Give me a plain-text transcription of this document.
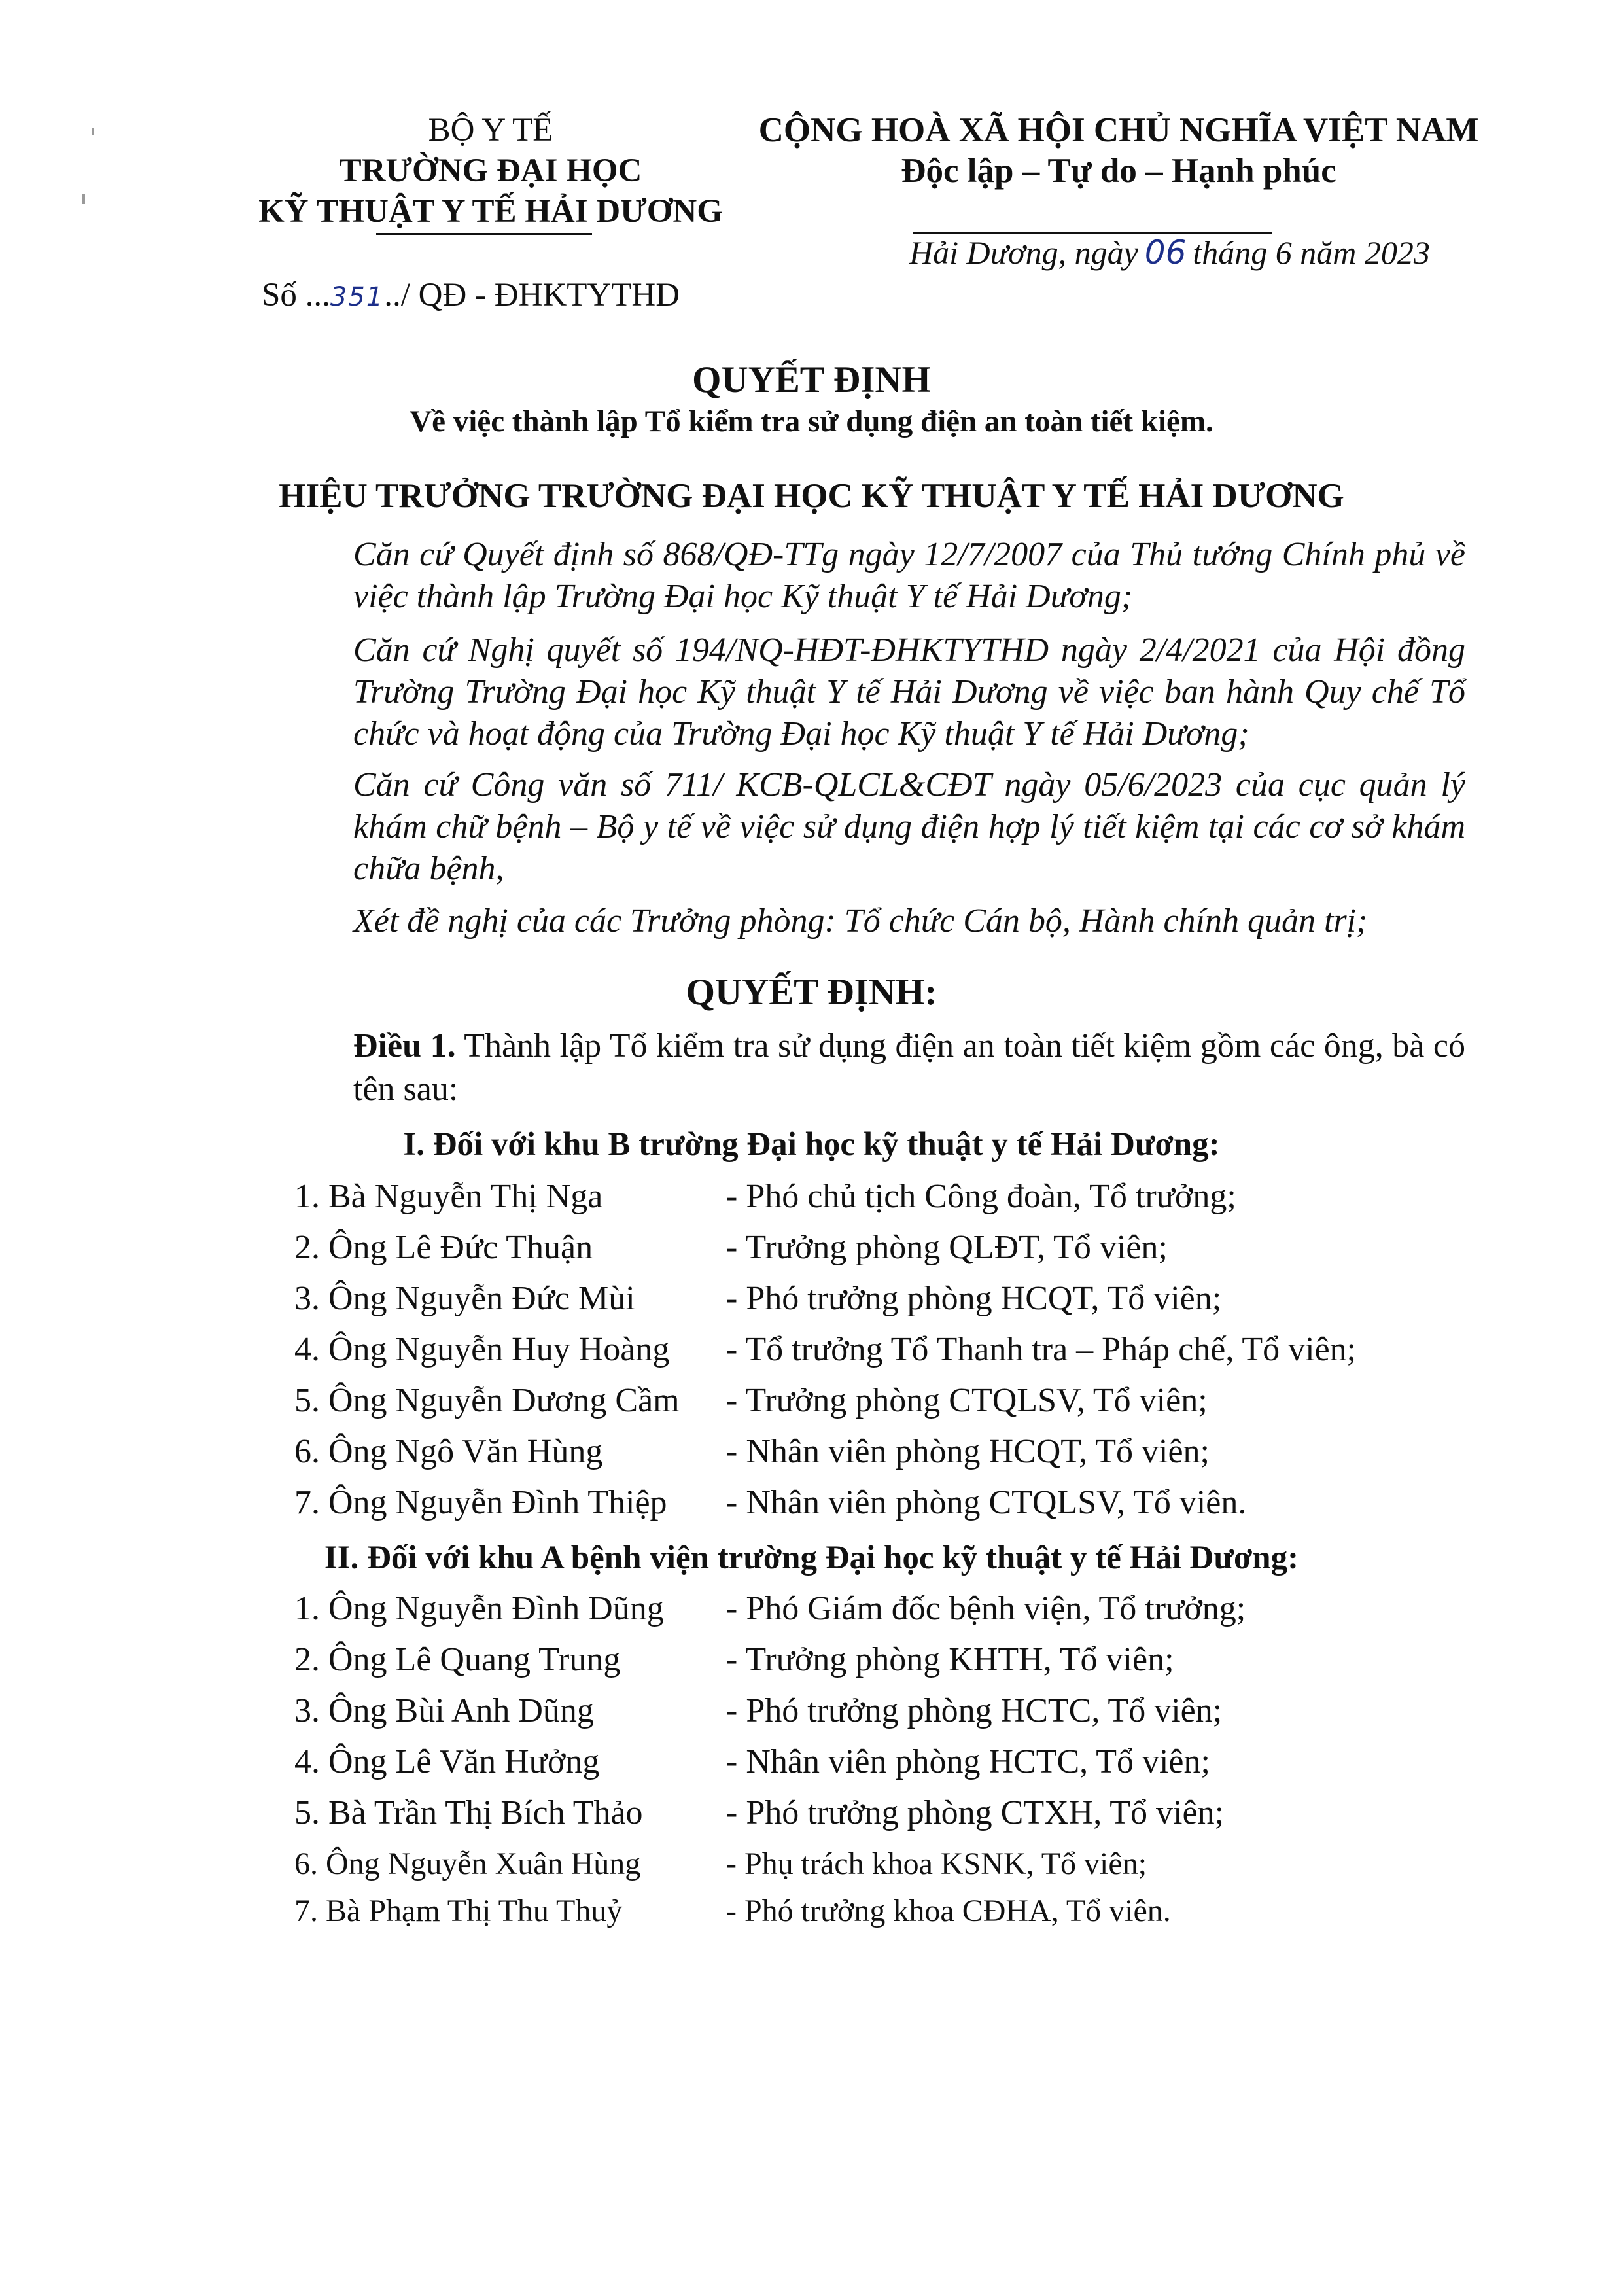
BỘ Y TẾ
TRƯỜNG ĐẠI HỌC
KỸ THUẬT Y TẾ HẢI DƯƠNG
CỘNG HOÀ XÃ HỘI CHỦ NGHĨA VIỆT NAM
Độc lập – Tự do – Hạnh phúc
Hải Dương, ngày 06 tháng 6 năm 2023
Số ...351../ QĐ - ĐHKTYTHD
QUYẾT ĐỊNH
Về việc thành lập Tổ kiểm tra sử dụng điện an toàn tiết kiệm.
HIỆU TRƯỞNG TRƯỜNG ĐẠI HỌC KỸ THUẬT Y TẾ HẢI DƯƠNG
Căn cứ Quyết định số 868/QĐ-TTg ngày 12/7/2007 của Thủ tướng Chính phủ về việc thành lập Trường Đại học Kỹ thuật Y tế Hải Dương;
Căn cứ Nghị quyết số 194/NQ-HĐT-ĐHKTYTHD ngày 2/4/2021 của Hội đồng Trường Trường Đại học Kỹ thuật Y tế Hải Dương về việc ban hành Quy chế Tổ chức và hoạt động của Trường Đại học Kỹ thuật Y tế Hải Dương;
Căn cứ Công văn số 711/ KCB-QLCL&CĐT ngày 05/6/2023 của cục quản lý khám chữ bệnh – Bộ y tế về việc sử dụng điện hợp lý tiết kiệm tại các cơ sở khám chữa bệnh,
Xét đề nghị của các Trưởng phòng: Tổ chức Cán bộ, Hành chính quản trị;
QUYẾT ĐỊNH:
Điều 1. Thành lập Tổ kiểm tra sử dụng điện an toàn tiết kiệm gồm các ông, bà có tên sau:
I. Đối với khu B trường Đại học kỹ thuật y tế Hải Dương:
1. Bà Nguyễn Thị Nga	- Phó chủ tịch Công đoàn, Tổ trưởng;
2. Ông Lê Đức Thuận	- Trưởng phòng QLĐT, Tổ viên;
3. Ông Nguyễn Đức Mùi	- Phó trưởng phòng HCQT, Tổ viên;
4. Ông Nguyễn Huy Hoàng - Tổ trưởng Tổ Thanh tra – Pháp chế, Tổ viên;
5. Ông Nguyễn Dương Cầm - Trưởng phòng CTQLSV, Tổ viên;
6. Ông Ngô Văn Hùng	- Nhân viên phòng HCQT, Tổ viên;
7. Ông Nguyễn Đình Thiệp - Nhân viên phòng CTQLSV, Tổ viên.
II. Đối với khu A bệnh viện trường Đại học kỹ thuật y tế Hải Dương:
1. Ông Nguyễn Đình Dũng - Phó Giám đốc bệnh viện, Tổ trưởng;
2. Ông Lê Quang Trung	- Trưởng phòng KHTH, Tổ viên;
3. Ông Bùi Anh Dũng	- Phó trưởng phòng HCTC, Tổ viên;
4. Ông Lê Văn Hưởng	- Nhân viên phòng HCTC, Tổ viên;
5. Bà Trần Thị Bích Thảo - Phó trưởng phòng CTXH, Tổ viên;
6. Ông Nguyễn Xuân Hùng	- Phụ trách khoa KSNK, Tổ viên;
7. Bà Phạm Thị Thu Thuỷ	- Phó trưởng khoa CĐHA, Tổ viên.
